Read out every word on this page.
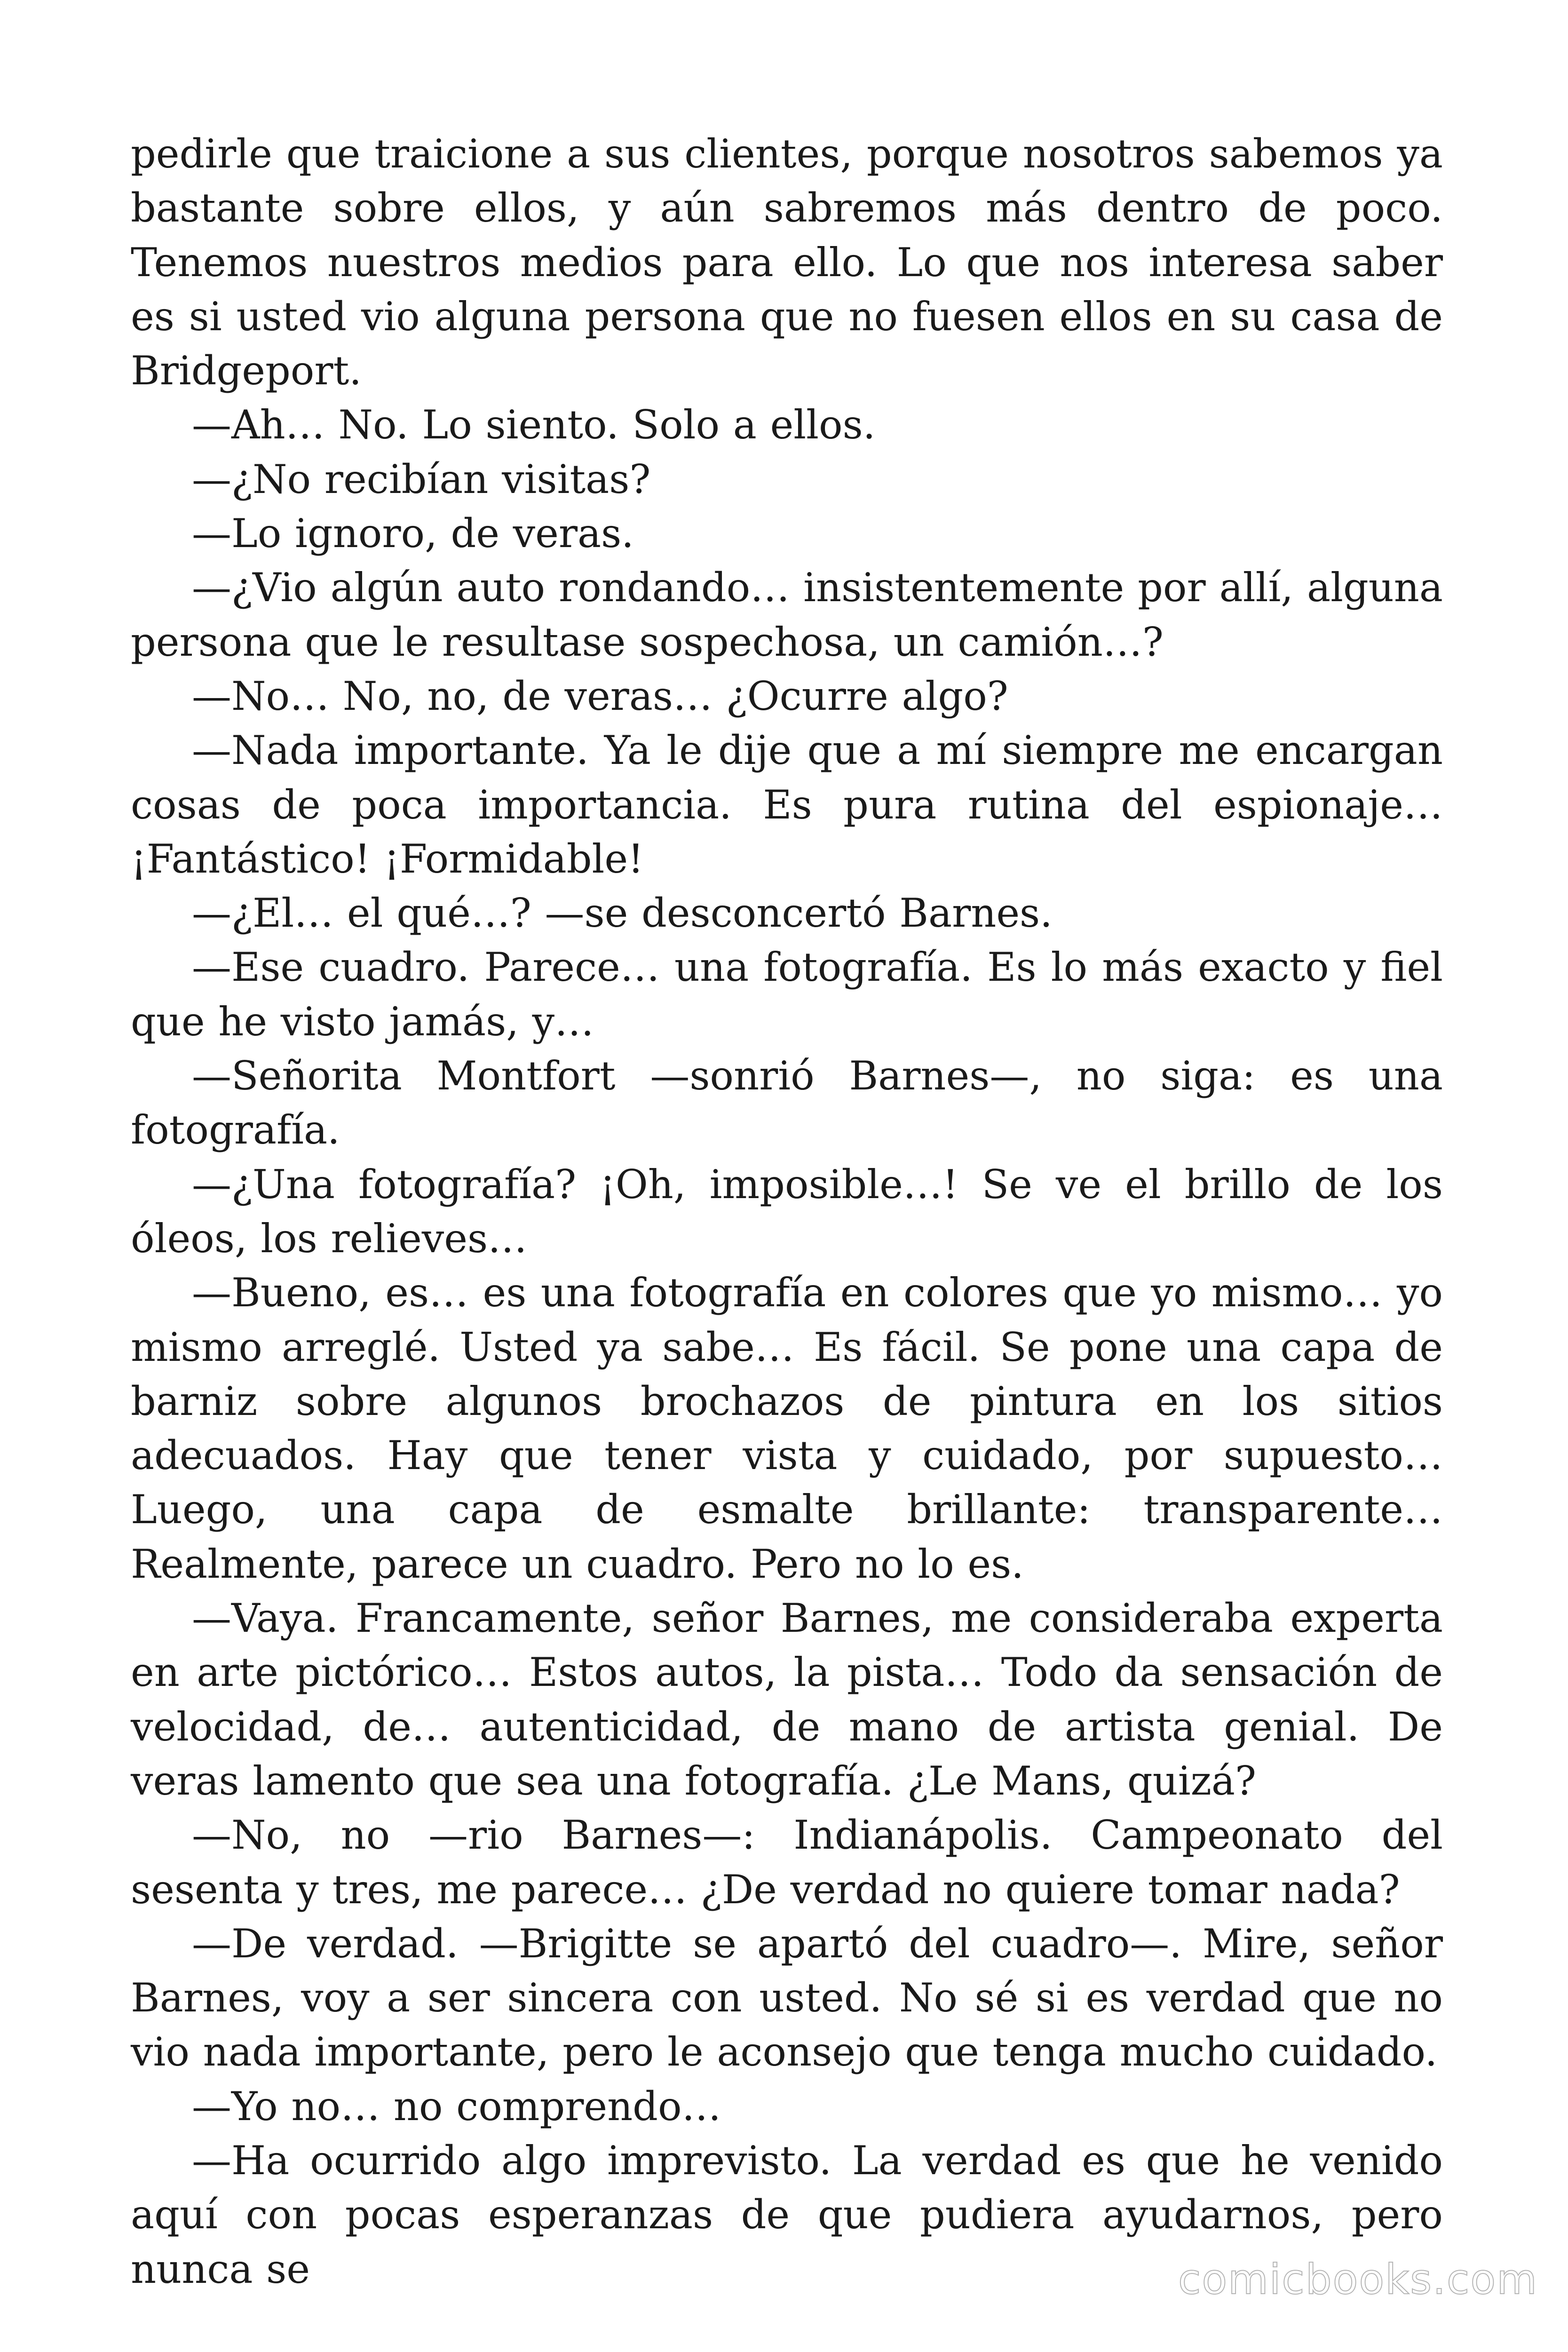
pedirle que traicione a sus clientes, porque nosotros sabemos ya bastante sobre ellos, y aún sabremos más dentro de poco. Tenemos nuestros medios para ello. Lo que nos interesa saber es si usted vio alguna persona que no fuesen ellos en su casa de Bridgeport.

—Ah… No. Lo siento. Solo a ellos.

—¿No recibían visitas?

—Lo ignoro, de veras.

—¿Vio algún auto rondando… insistentemente por allí, alguna persona que le resultase sospechosa, un camión…?

—No… No, no, de veras… ¿Ocurre algo?

—Nada importante. Ya le dije que a mí siempre me encargan cosas de poca importancia. Es pura rutina del espionaje… ¡Fantástico! ¡Formidable!

—¿El… el qué…? —se desconcertó Barnes.

—Ese cuadro. Parece… una fotografía. Es lo más exacto y fiel que he visto jamás, y…

—Señorita Montfort —sonrió Barnes—, no siga: es una fotografía.

—¿Una fotografía? ¡Oh, imposible…! Se ve el brillo de los óleos, los relieves…

—Bueno, es… es una fotografía en colores que yo mismo… yo mismo arreglé. Usted ya sabe… Es fácil. Se pone una capa de barniz sobre algunos brochazos de pintura en los sitios adecuados. Hay que tener vista y cuidado, por supuesto… Luego, una capa de esmalte brillante: transparente… Realmente, parece un cuadro. Pero no lo es.

—Vaya. Francamente, señor Barnes, me consideraba experta en arte pictórico… Estos autos, la pista… Todo da sensación de velocidad, de… autenticidad, de mano de artista genial. De veras lamento que sea una fotografía. ¿Le Mans, quizá?

—No, no —rio Barnes—: Indianápolis. Campeonato del sesenta y tres, me parece… ¿De verdad no quiere tomar nada?

—De verdad. —Brigitte se apartó del cuadro—. Mire, señor Barnes, voy a ser sincera con usted. No sé si es verdad que no vio nada importante, pero le aconsejo que tenga mucho cuidado.

—Yo no… no comprendo…

—Ha ocurrido algo imprevisto. La verdad es que he venido aquí con pocas esperanzas de que pudiera ayudarnos, pero nunca se	comicbooks.com
